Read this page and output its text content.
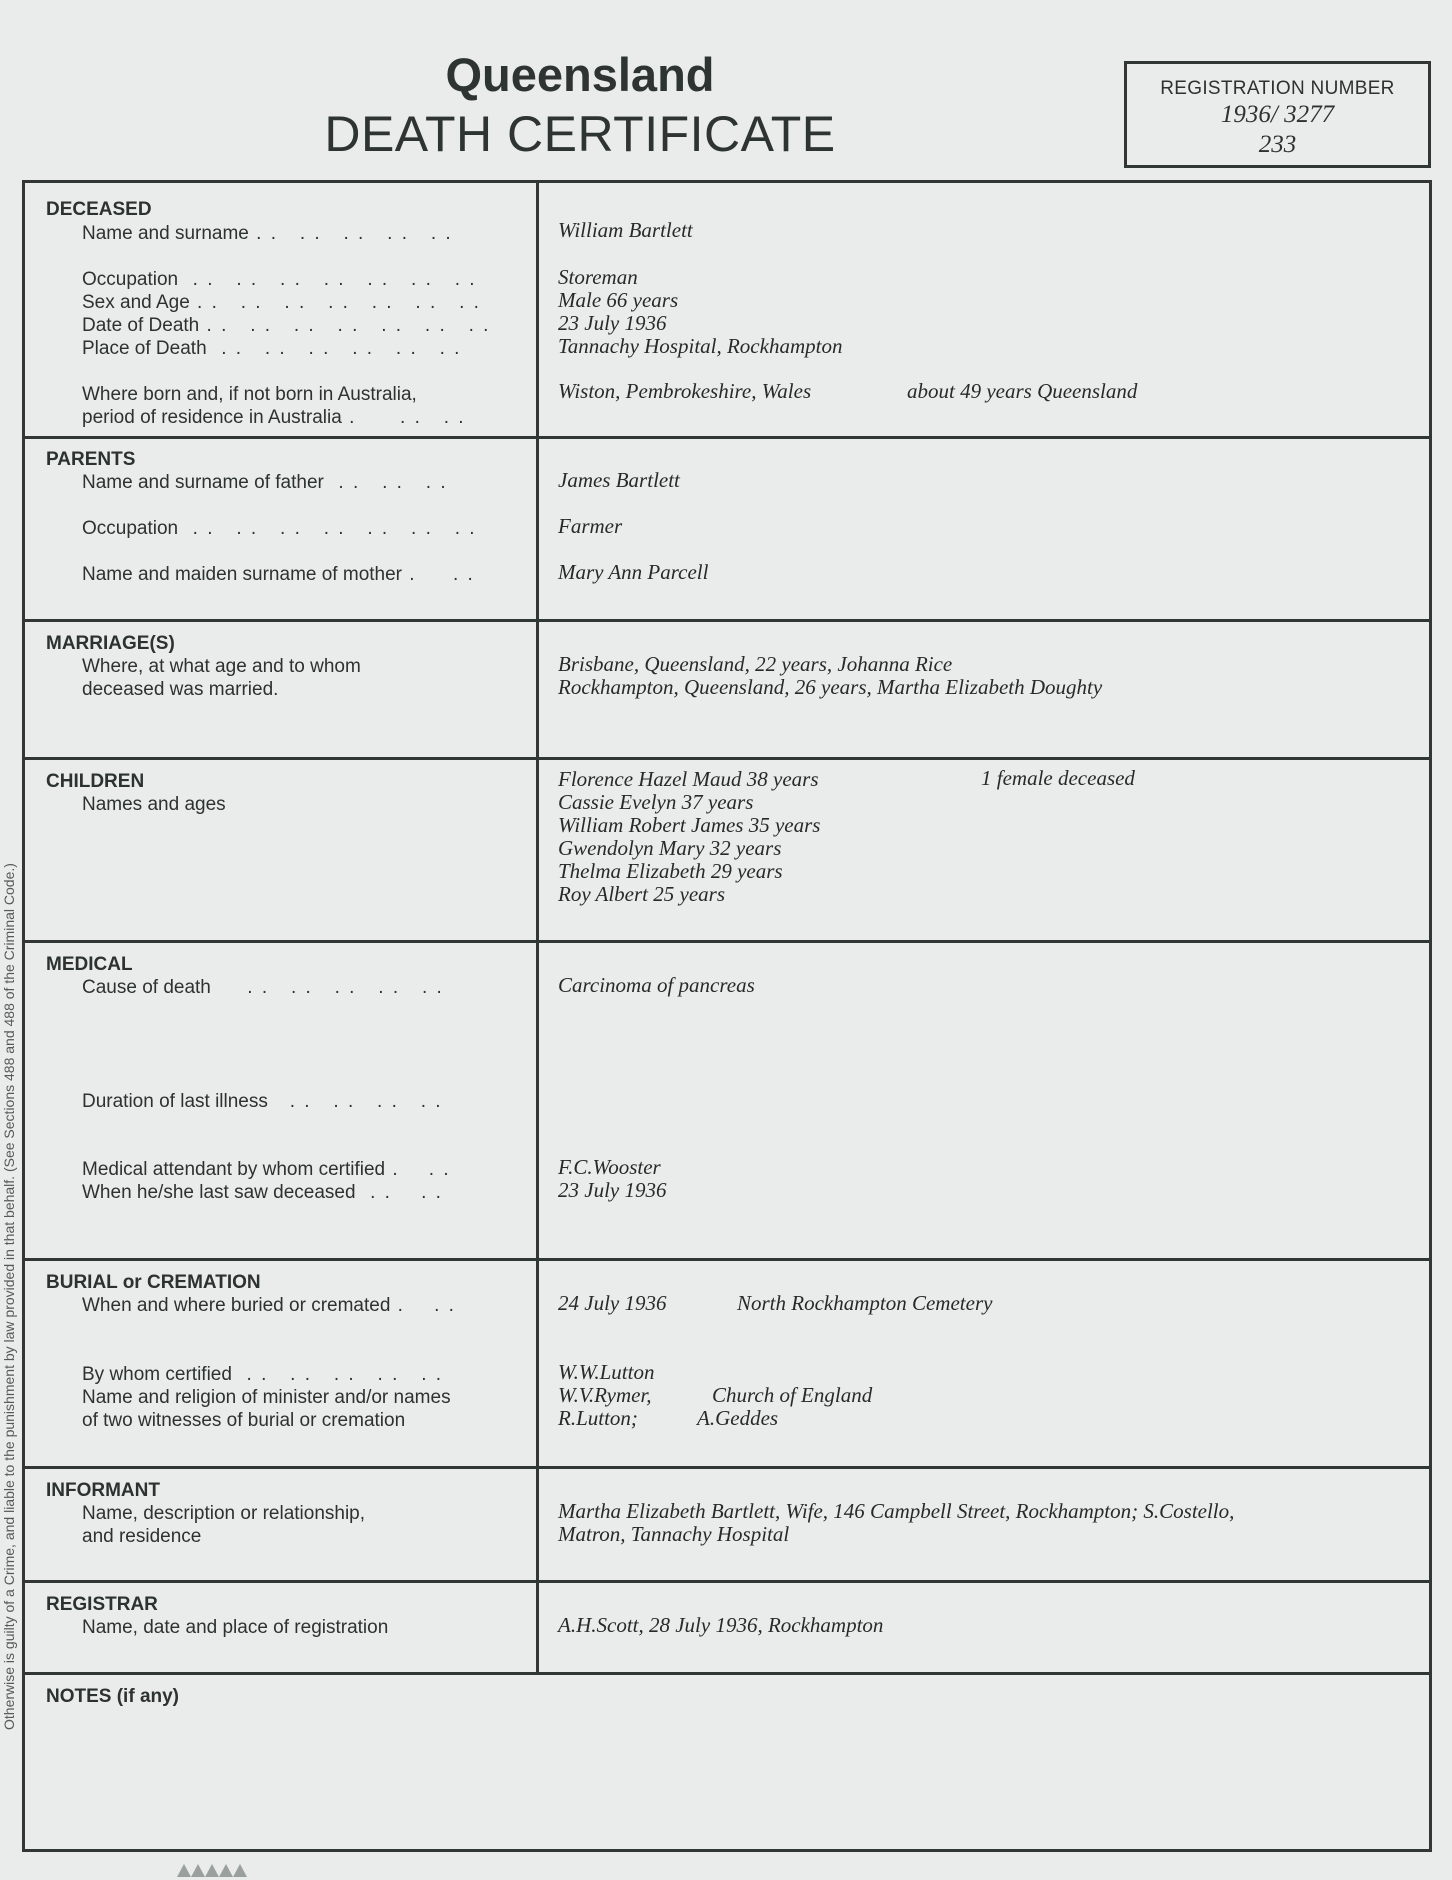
Otherwise is guilty of a Crime, and liable to the punishment by law provided in that behalf. (See Sections 488 and 488 of the Criminal Code.)
Queensland
DEATH CERTIFICATE
REGISTRATION NUMBER
1936/ 3277
233
DECEASED
Name and surname . .   . .   . .   . .   . .	William Bartlett
Occupation  . .   . .   . .   . .   . .   . .   . .	Storeman
Sex and Age . .   . .   . .   . .   . .   . .   . .	Male 66 years
Date of Death . .   . .   . .   . .   . .   . .   . .	23 July 1936
Place of Death  . .   . .   . .   . .   . .   . .	Tannachy Hospital, Rockhampton
Where born and, if not born in Australia,
period of residence in Australia .      . .   . .
Wiston, Pembrokeshire, Wales	about 49 years Queensland
PARENTS
Name and surname of father  . .   . .   . .	James Bartlett
Occupation  . .   . .   . .   . .   . .   . .   . .	Farmer
Name and maiden surname of mother .     . .	Mary Ann Parcell
MARRIAGE(S)
Where, at what age and to whom
deceased was married.
Brisbane, Queensland, 22 years, Johanna Rice
Rockhampton, Queensland, 26 years, Martha Elizabeth Doughty
CHILDREN
Names and ages
Florence Hazel Maud 38 years
Cassie Evelyn 37 years
William Robert James 35 years
Gwendolyn Mary 32 years
Thelma Elizabeth 29 years
Roy Albert 25 years
1 female deceased
MEDICAL
Cause of death     . .   . .   . .   . .   . .	Carcinoma of pancreas
Duration of last illness   . .   . .   . .   . .
Medical attendant by whom certified .    . .	F.C.Wooster
When he/she last saw deceased  . .    . .	23 July 1936
BURIAL or CREMATION
When and where buried or cremated .    . .	24 July 1936	North Rockhampton Cemetery
By whom certified  . .   . .   . .   . .   . .	W.W.Lutton
Name and religion of minister and/or names
of two witnesses of burial or cremation
W.V.Rymer,	Church of England
R.Lutton;	A.Geddes
INFORMANT
Name, description or relationship,
and residence
Martha Elizabeth Bartlett, Wife, 146 Campbell Street, Rockhampton; S.Costello,
Matron, Tannachy Hospital
REGISTRAR
Name, date and place of registration	A.H.Scott, 28 July 1936, Rockhampton
NOTES (if any)
